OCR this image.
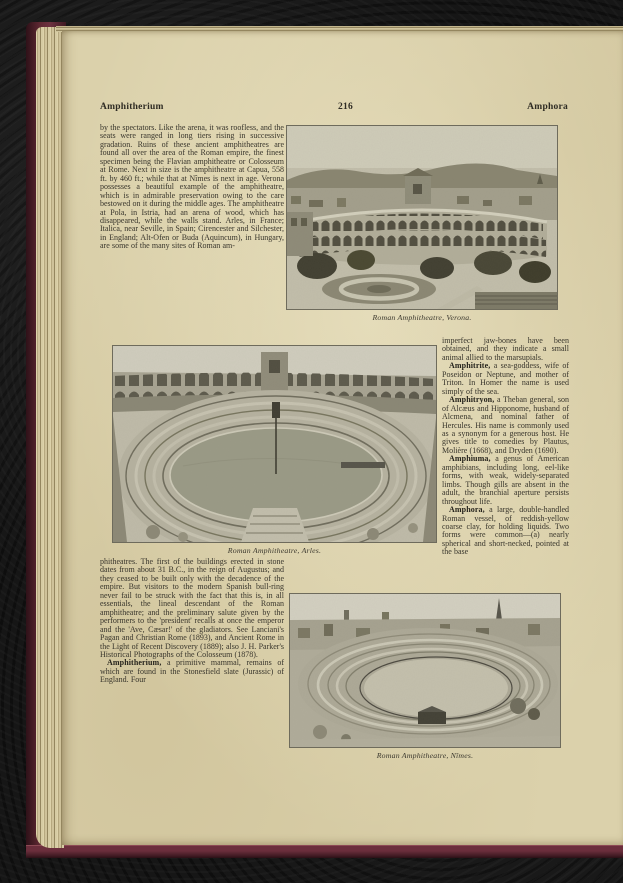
Amphitherium	216	Amphora

by the spectators. Like the arena, it was roofless, and the seats were ranged in long tiers rising in successive gradation. Ruins of these ancient amphitheatres are found all over the area of the Roman empire, the finest specimen being the Flavian amphitheatre or Colosseum at Rome. Next in size is the amphitheatre at Capua, 558 ft. by 460 ft.; while that at Nîmes is next in age. Verona possesses a beautiful example of the amphitheatre, which is in admirable preservation owing to the care bestowed on it during the middle ages. The amphitheatre at Pola, in Istria, had an arena of wood, which has disappeared, while the walls stand. Arles, in France; Italica, near Seville, in Spain; Cirencester and Silchester, in England; Alt-Ofen or Buda (Aquincum), in Hungary, are some of the many sites of Roman am-

Roman Amphitheatre, Verona.

imperfect jaw-bones have been obtained, and they indicate a small animal allied to the marsupials.

Amphitrite, a sea-goddess, wife of Poseidon or Neptune, and mother of Triton. In Homer the name is used simply of the sea.

Amphitryon, a Theban general, son of Alcæus and Hipponome, husband of Alcmena, and nominal father of Hercules. His name is commonly used as a synonym for a generous host. He gives title to comedies by Plautus, Molière (1668), and Dryden (1690).

Amphiuma, a genus of American amphibians, including long, eel-like forms, with weak, widely-separated limbs. Though gills are absent in the adult, the branchial aperture persists throughout life.

Amphora, a large, double-handled Roman vessel, of reddish-yellow coarse clay, for holding liquids. Two forms were common—(a) nearly spherical and short-necked, pointed at the base

Roman Amphitheatre, Arles.

phitheatres. The first of the buildings erected in stone dates from about 31 B.C., in the reign of Augustus; and they ceased to be built only with the decadence of the empire. But visitors to the modern Spanish bull-ring never fail to be struck with the fact that this is, in all essentials, the lineal descendant of the Roman amphitheatre; and the preliminary salute given by the performers to the 'president' recalls at once the emperor and the 'Ave, Cæsar!' of the gladiators. See Lanciani's Pagan and Christian Rome (1893), and Ancient Rome in the Light of Recent Discovery (1889); also J. H. Parker's Historical Photographs of the Colosseum (1878).

Amphitherium, a primitive mammal, remains of which are found in the Stonesfield slate (Jurassic) of England. Four

Roman Amphitheatre, Nîmes.
